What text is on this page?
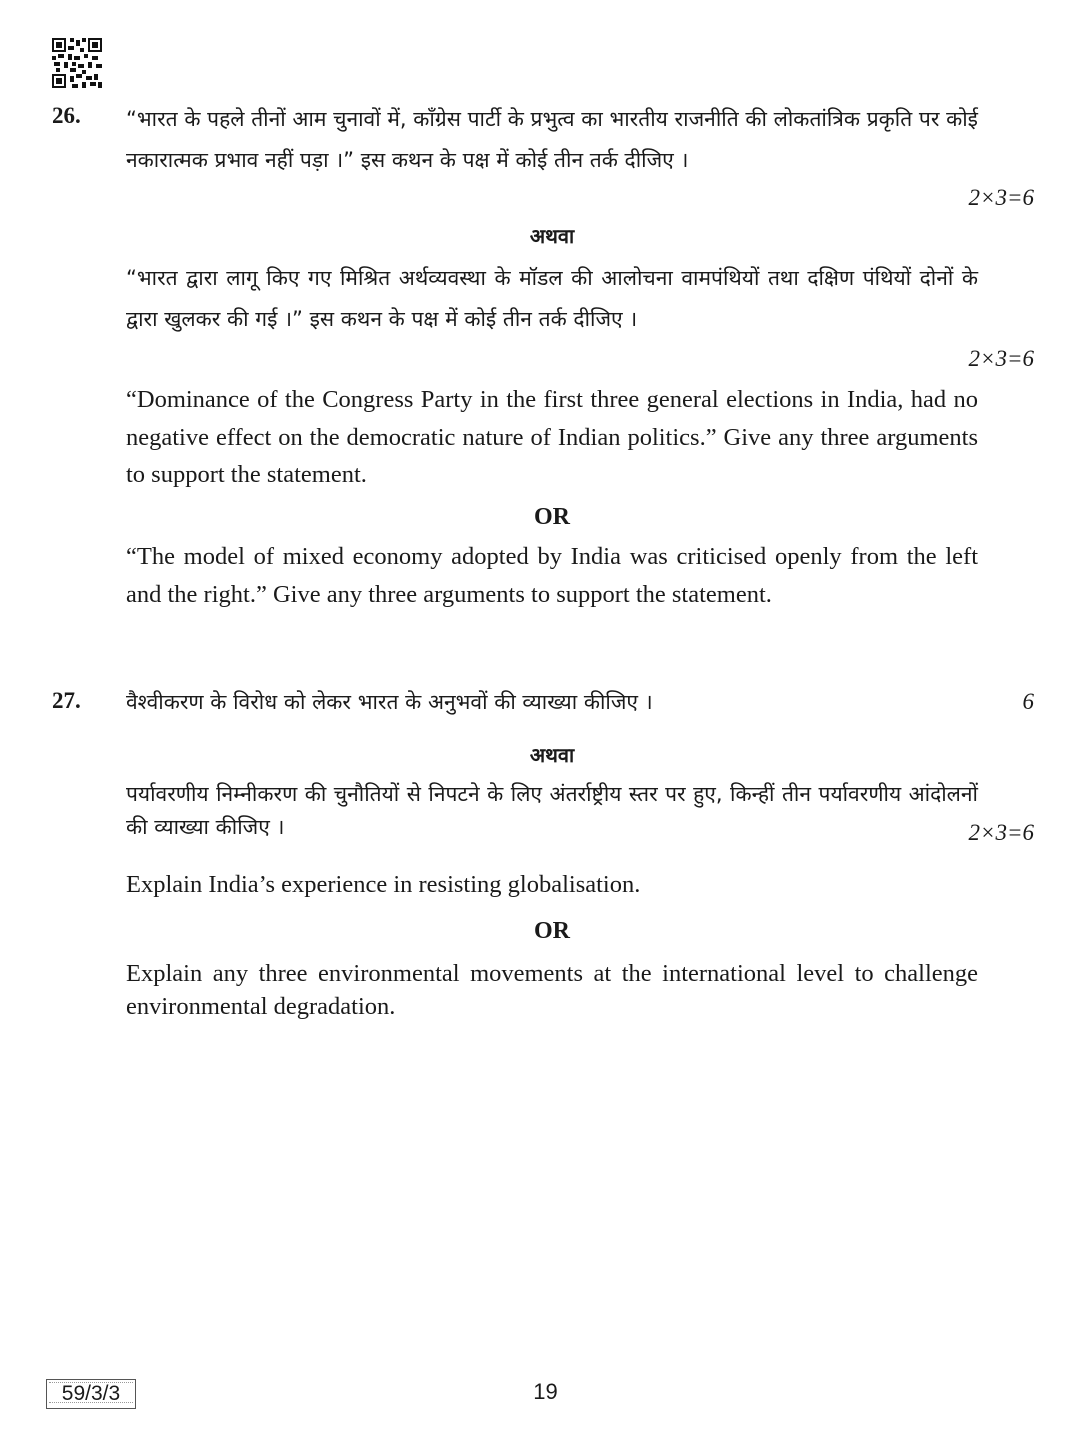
26. “भारत के पहले तीनों आम चुनावों में, काँग्रेस पार्टी के प्रभुत्व का भारतीय राजनीति की लोकतांत्रिक प्रकृति पर कोई नकारात्मक प्रभाव नहीं पड़ा ।” इस कथन के पक्ष में कोई तीन तर्क दीजिए ।
2×3=6
अथवा
“भारत द्वारा लागू किए गए मिश्रित अर्थव्यवस्था के मॉडल की आलोचना वामपंथियों तथा दक्षिण पंथियों दोनों के द्वारा खुलकर की गई ।” इस कथन के पक्ष में कोई तीन तर्क दीजिए ।
2×3=6
“Dominance of the Congress Party in the first three general elections in India, had no negative effect on the democratic nature of Indian politics.” Give any three arguments to support the statement.
OR
“The model of mixed economy adopted by India was criticised openly from the left and the right.” Give any three arguments to support the statement.
27. वैश्वीकरण के विरोध को लेकर भारत के अनुभवों की व्याख्या कीजिए ।	6
अथवा
पर्यावरणीय निम्नीकरण की चुनौतियों से निपटने के लिए अंतर्राष्ट्रीय स्तर पर हुए, किन्हीं तीन पर्यावरणीय आंदोलनों की व्याख्या कीजिए ।	2×3=6
Explain India’s experience in resisting globalisation.
OR
Explain any three environmental movements at the international level to challenge environmental degradation.
59/3/3	19
